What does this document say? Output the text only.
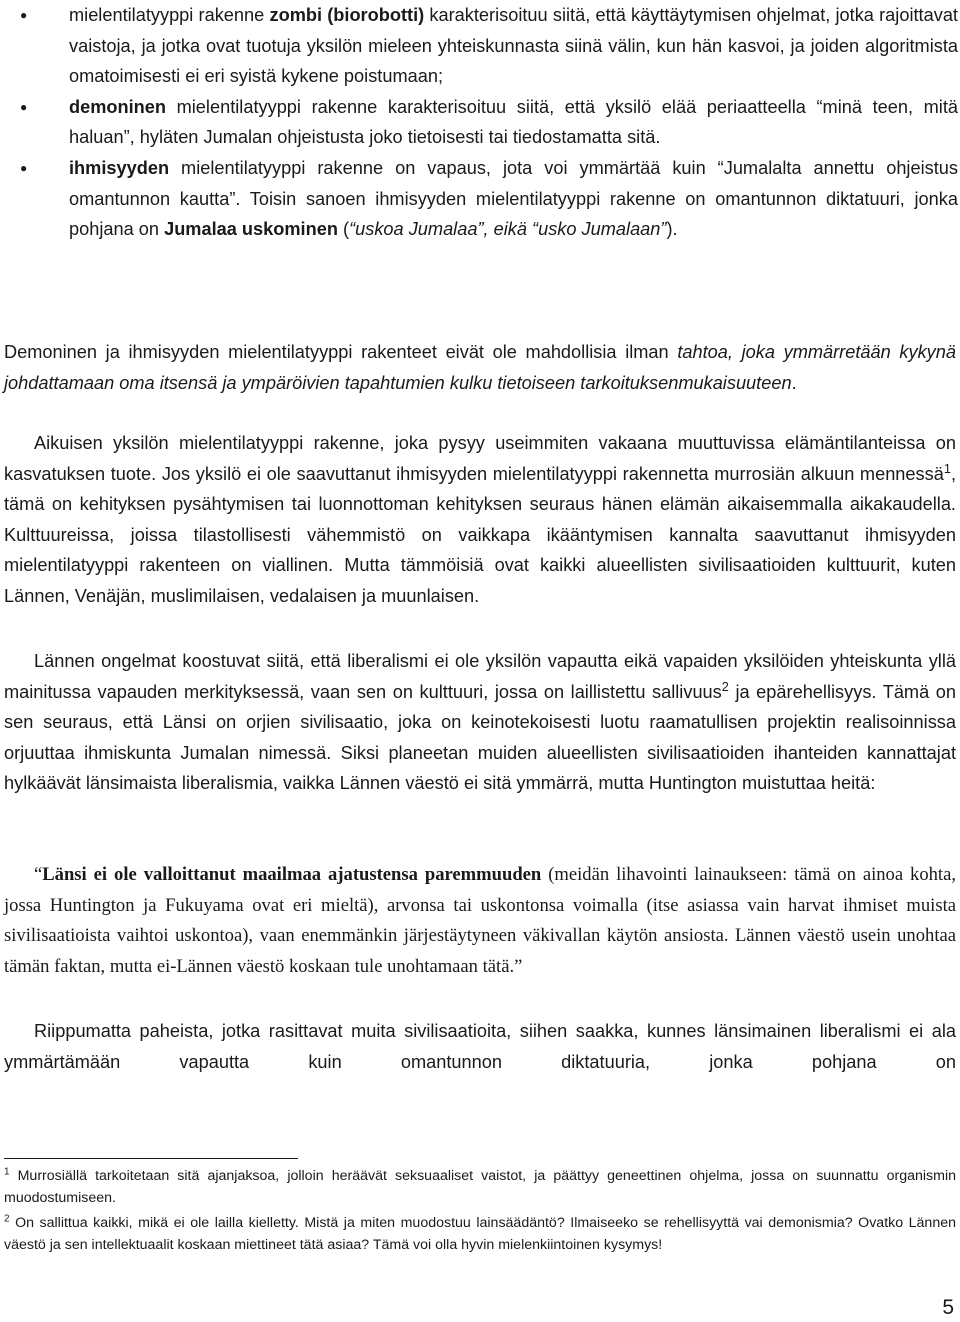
● mielentilatyyppi rakenne zombi (biorobotti) karakterisoituu siitä, että käyttäytymisen ohjelmat, jotka rajoittavat vaistoja, ja jotka ovat tuotuja yksilön mieleen yhteiskunnasta siinä välin, kun hän kasvoi, ja joiden algoritmista omatoimisesti ei eri syistä kykene poistumaan;
● demoninen mielentilatyyppi rakenne karakterisoituu siitä, että yksilö elää periaatteella “minä teen, mitä haluan”, hyläten Jumalan ohjeistusta joko tietoisesti tai tiedostamatta sitä.
● ihmisyyden mielentilatyyppi rakenne on vapaus, jota voi ymmärtää kuin “Jumalalta annettu ohjeistus omantunnon kautta”. Toisin sanoen ihmisyyden mielentilatyyppi rakenne on omantunnon diktatuuri, jonka pohjana on Jumalaa uskominen (“uskoa Jumalaa”, eikä “usko Jumalaan”).

Demoninen ja ihmisyyden mielentilatyyppi rakenteet eivät ole mahdollisia ilman tahtoa, joka ymmärretään kykynä johdattamaan oma itsensä ja ympäröivien tapahtumien kulku tietoiseen tarkoituksenmukaisuuteen.

Aikuisen yksilön mielentilatyyppi rakenne, joka pysyy useimmiten vakaana muuttuvissa elämäntilanteissa on kasvatuksen tuote. Jos yksilö ei ole saavuttanut ihmisyyden mielentilatyyppi rakennetta murrosiän alkuun mennessä$^1$, tämä on kehityksen pysähtymisen tai luonnottoman kehityksen seuraus hänen elämän aikaisemmalla aikakaudella. Kulttuureissa, joissa tilastollisesti vähemmistö on vaikkapa ikääntymisen kannalta saavuttanut ihmisyyden mielentilatyyppi rakenteen on viallinen. Mutta tämmöisiä ovat kaikki alueellisten sivilisaatioiden kulttuurit, kuten Lännen, Venäjän, muslimilaisen, vedalaisen ja muunlaisen.

Lännen ongelmat koostuvat siitä, että liberalismi ei ole yksilön vapautta eikä vapaiden yksilöiden yhteiskunta yllä mainitussa vapauden merkityksessä, vaan sen on kulttuuri, jossa on laillistettu sallivuus$^2$ ja epärehellisyys. Tämä on sen seuraus, että Länsi on orjien sivilisaatio, joka on keinotekoisesti luotu raamatullisen projektin realisoinnissa orjuuttaa ihmiskunta Jumalan nimessä. Siksi planeetan muiden alueellisten sivilisaatioiden ihanteiden kannattajat hylkäävät länsimaista liberalismia, vaikka Lännen väestö ei sitä ymmärrä, mutta Huntington muistuttaa heitä:

“Länsi ei ole valloittanut maailmaa ajatustensa paremmuuden (meidän lihavointi lainaukseen: tämä on ainoa kohta, jossa Huntington ja Fukuyama ovat eri mieltä), arvonsa tai uskontonsa voimalla (itse asiassa vain harvat ihmiset muista sivilisaatioista vaihtoi uskontoa), vaan enemmänkin järjestäytyneen väkivallan käytön ansiosta. Lännen väestö usein unohtaa tämän faktan, mutta ei-Lännen väestö koskaan tule unohtamaan tätä.”

Riippumatta paheista, jotka rasittavat muita sivilisaatioita, siihen saakka, kunnes länsimainen liberalismi ei ala ymmärtämään vapautta kuin omantunnon diktatuuria, jonka pohjana on

$^1$ Murrosiällä tarkoitetaan sitä ajanjaksoa, jolloin heräävät seksuaaliset vaistot, ja päättyy geneettinen ohjelma, jossa on suunnattu organismin muodostumiseen.

$^2$ On sallittua kaikki, mikä ei ole lailla kielletty. Mistä ja miten muodostuu lainsäädäntö? Ilmaiseeko se rehellisyyttä vai demonismia? Ovatko Lännen väestö ja sen intellektuaalit koskaan miettineet tätä asiaa? Tämä voi olla hyvin mielenkiintoinen kysymys!

5
